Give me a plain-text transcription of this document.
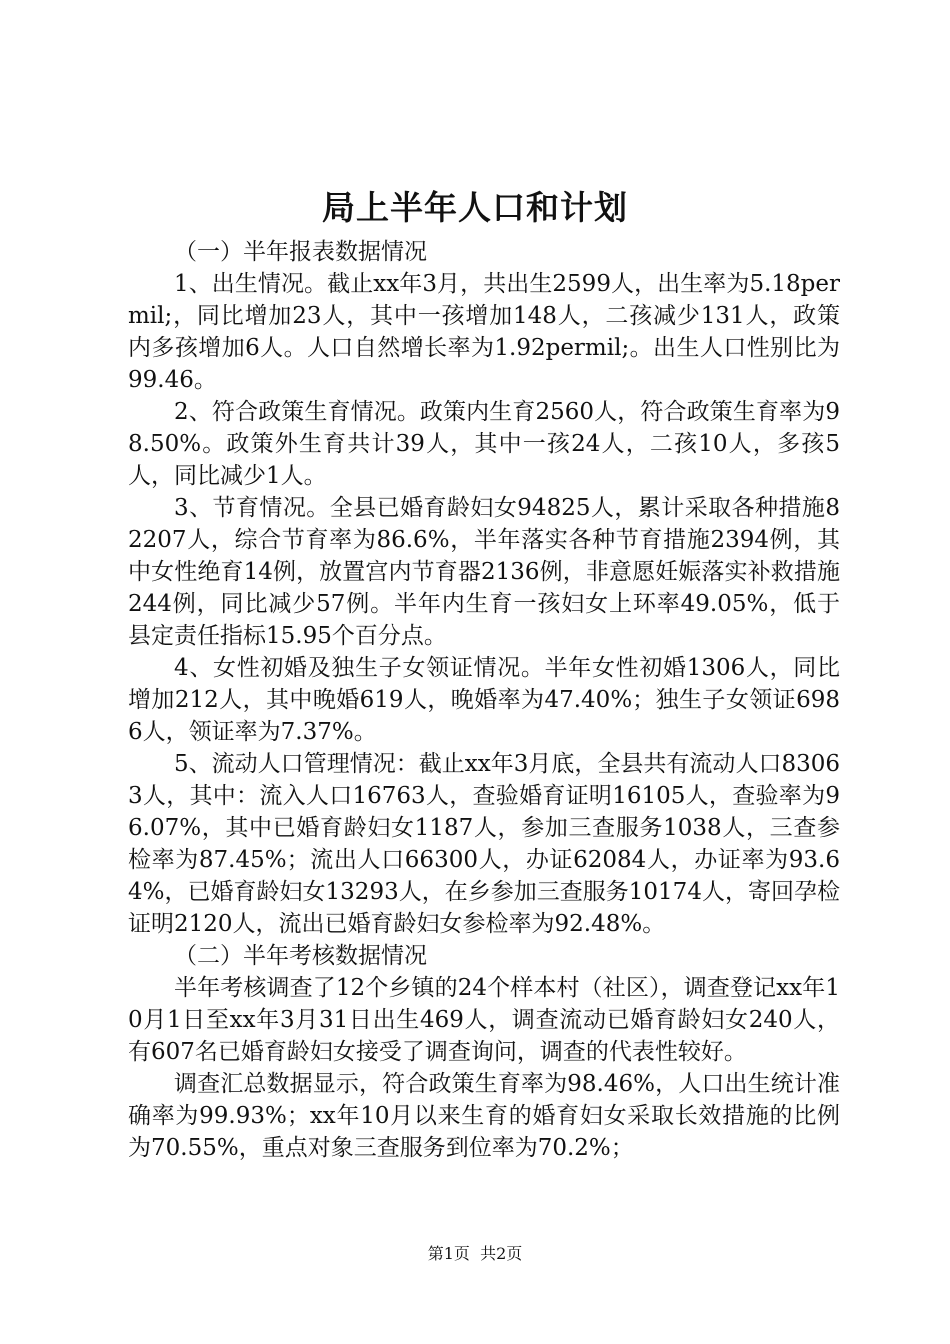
局上半年人口和计划

（一）半年报表数据情况

1、出生情况。截止xx年3月，共出生2599人，出生率为5.18permil;，同比增加23人，其中一孩增加148人，二孩减少131人，政策内多孩增加6人。人口自然增长率为1.92permil;。出生人口性别比为99.46。

2、符合政策生育情况。政策内生育2560人，符合政策生育率为98.50%。政策外生育共计39人，其中一孩24人，二孩10人，多孩5人，同比减少1人。

3、节育情况。全县已婚育龄妇女94825人，累计采取各种措施82207人，综合节育率为86.6%，半年落实各种节育措施2394例，其中女性绝育14例，放置宫内节育器2136例，非意愿妊娠落实补救措施244例，同比减少57例。半年内生育一孩妇女上环率49.05%，低于县定责任指标15.95个百分点。

4、女性初婚及独生子女领证情况。半年女性初婚1306人，同比增加212人，其中晚婚619人，晚婚率为47.40%；独生子女领证6986人，领证率为7.37%。

5、流动人口管理情况：截止xx年3月底，全县共有流动人口83063人，其中：流入人口16763人，查验婚育证明16105人，查验率为96.07%，其中已婚育龄妇女1187人，参加三查服务1038人，三查参检率为87.45%；流出人口66300人，办证62084人，办证率为93.64%，已婚育龄妇女13293人，在乡参加三查服务10174人，寄回孕检证明2120人，流出已婚育龄妇女参检率为92.48%。

（二）半年考核数据情况

半年考核调查了12个乡镇的24个样本村（社区），调查登记xx年10月1日至xx年3月31日出生469人，调查流动已婚育龄妇女240人，有607名已婚育龄妇女接受了调查询问，调查的代表性较好。

调查汇总数据显示，符合政策生育率为98.46%，人口出生统计准确率为99.93%；xx年10月以来生育的婚育妇女采取长效措施的比例为70.55%，重点对象三查服务到位率为70.2%；

第1页 共2页
